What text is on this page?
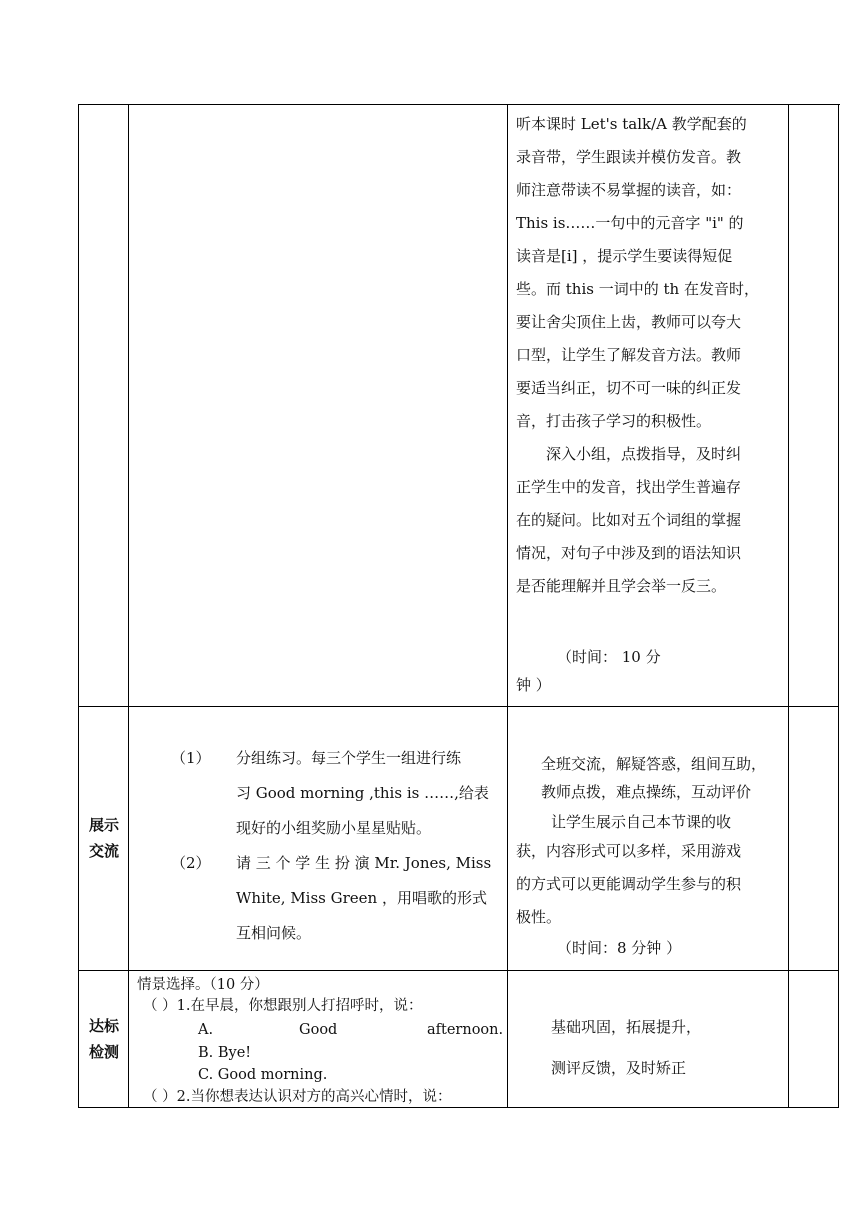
听本课时 Let's talk/A 教学配套的
录音带，学生跟读并模仿发音。教
师注意带读不易掌握的读音，如：
This is……一句中的元音字 "i" 的
读音是[i] ，提示学生要读得短促
些。而 this 一词中的 th 在发音时，
要让舍尖顶住上齿，教师可以夸大
口型，让学生了解发音方法。教师
要适当纠正，切不可一味的纠正发
音，打击孩子学习的积极性。
　　深入小组，点拨指导，及时纠
正学生中的发音，找出学生普遍存
在的疑问。比如对五个词组的掌握
情况，对句子中涉及到的语法知识
是否能理解并且学会举一反三。
（时间： 10 分
钟 ）
展示
交流
（1） 分组练习。每三个学生一组进行练
习 Good morning ,this is ……,给表
现好的小组奖励小星星贴贴。
（2） 请 三 个 学 生 扮 演 Mr. Jones, Miss
White, Miss Green ，用唱歌的形式
互相问候。
全班交流，解疑答惑，组间互助，
教师点拨，难点操练，互动评价
让学生展示自己本节课的收
获，内容形式可以多样，采用游戏
的方式可以更能调动学生参与的积
极性。
（时间：8 分钟 ）
达标
检测
情景选择。（10 分）
（ ）1.在早晨，你想跟别人打招呼时，说：
A.	Good	afternoon.
B. Bye!
C. Good morning.
（ ）2.当你想表达认识对方的高兴心情时，说：
基础巩固，拓展提升，
测评反馈，及时矫正
